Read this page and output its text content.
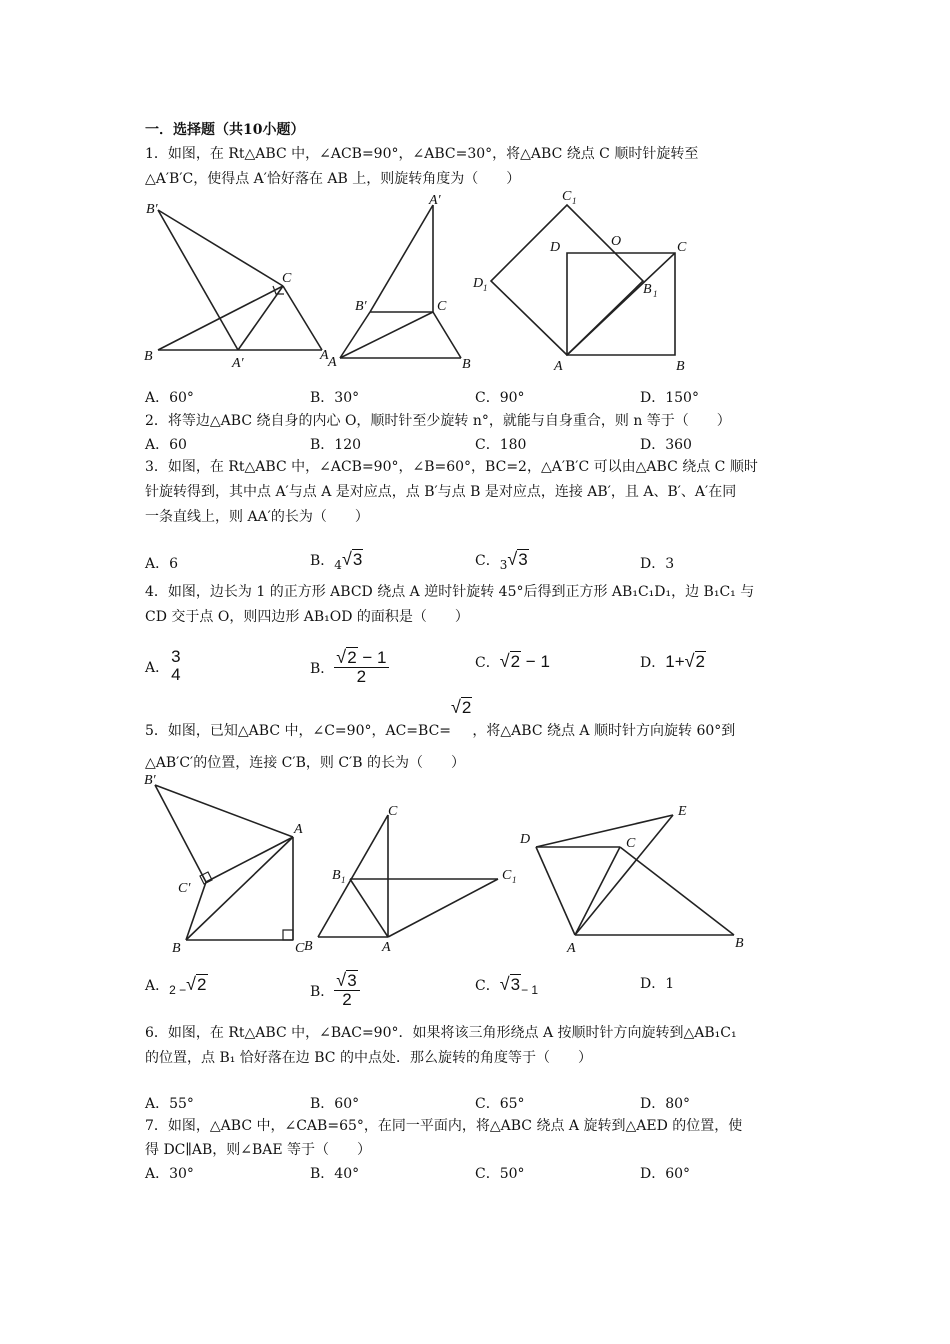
一．选择题（共10小题）
1．如图，在 Rt△ABC 中，∠ACB=90°，∠ABC=30°，将△ABC 绕点 C 顺时针旋转至
△A′B′C，使得点 A′恰好落在 AB 上，则旋转角度为（　　）
B′
C
B	A′
A
A′
B′	C
A	B
C 1
D	O	C
D 1	B 1
A	B
A．60°	B．30°	C．90°	D．150°
2．将等边△ABC 绕自身的内心 O，顺时针至少旋转 n°，就能与自身重合，则 n 等于（　　）
A．60	B．120	C．180	D．360
3．如图，在 Rt△ABC 中，∠ACB=90°，∠B=60°，BC=2，△A′B′C 可以由△ABC 绕点 C 顺时
针旋转得到，其中点 A′与点 A 是对应点，点 B′与点 B 是对应点，连接 AB′，且 A、B′、A′在同
一条直线上，则 AA′的长为（　　）
A．6	B．4√3	C．3√3	D．3
4．如图，边长为 1 的正方形 ABCD 绕点 A 逆时针旋转 45°后得到正方形 AB₁C₁D₁，边 B₁C₁ 与
CD 交于点 O，则四边形 AB₁OD 的面积是（　　）
A．
3
4	B． $\frac{√2 - 1}{2}$	C．√2 − 1	D．1+√2
5．如图，已知△ABC 中，∠C=90°，AC=BC=√2，将△ABC 绕点 A 顺时针方向旋转 60°到
△AB′C′的位置，连接 C′B，则 C′B 的长为（　　）
B′
A
C′
B	C
C
B 1	C 1
B	A
D
E
C
A	B
A．2 −√2	B． $\frac{√3}{2}$	C．√3− 1	D．1
6．如图，在 Rt△ABC 中，∠BAC=90°．如果将该三角形绕点 A 按顺时针方向旋转到△AB₁C₁
的位置，点 B₁ 恰好落在边 BC 的中点处．那么旋转的角度等于（　　）
A．55°	B．60°	C．65°	D．80°
7．如图，△ABC 中，∠CAB=65°，在同一平面内，将△ABC 绕点 A 旋转到△AED 的位置，使
得 DC∥AB，则∠BAE 等于（　　）
A．30°	B．40°	C．50°	D．60°
